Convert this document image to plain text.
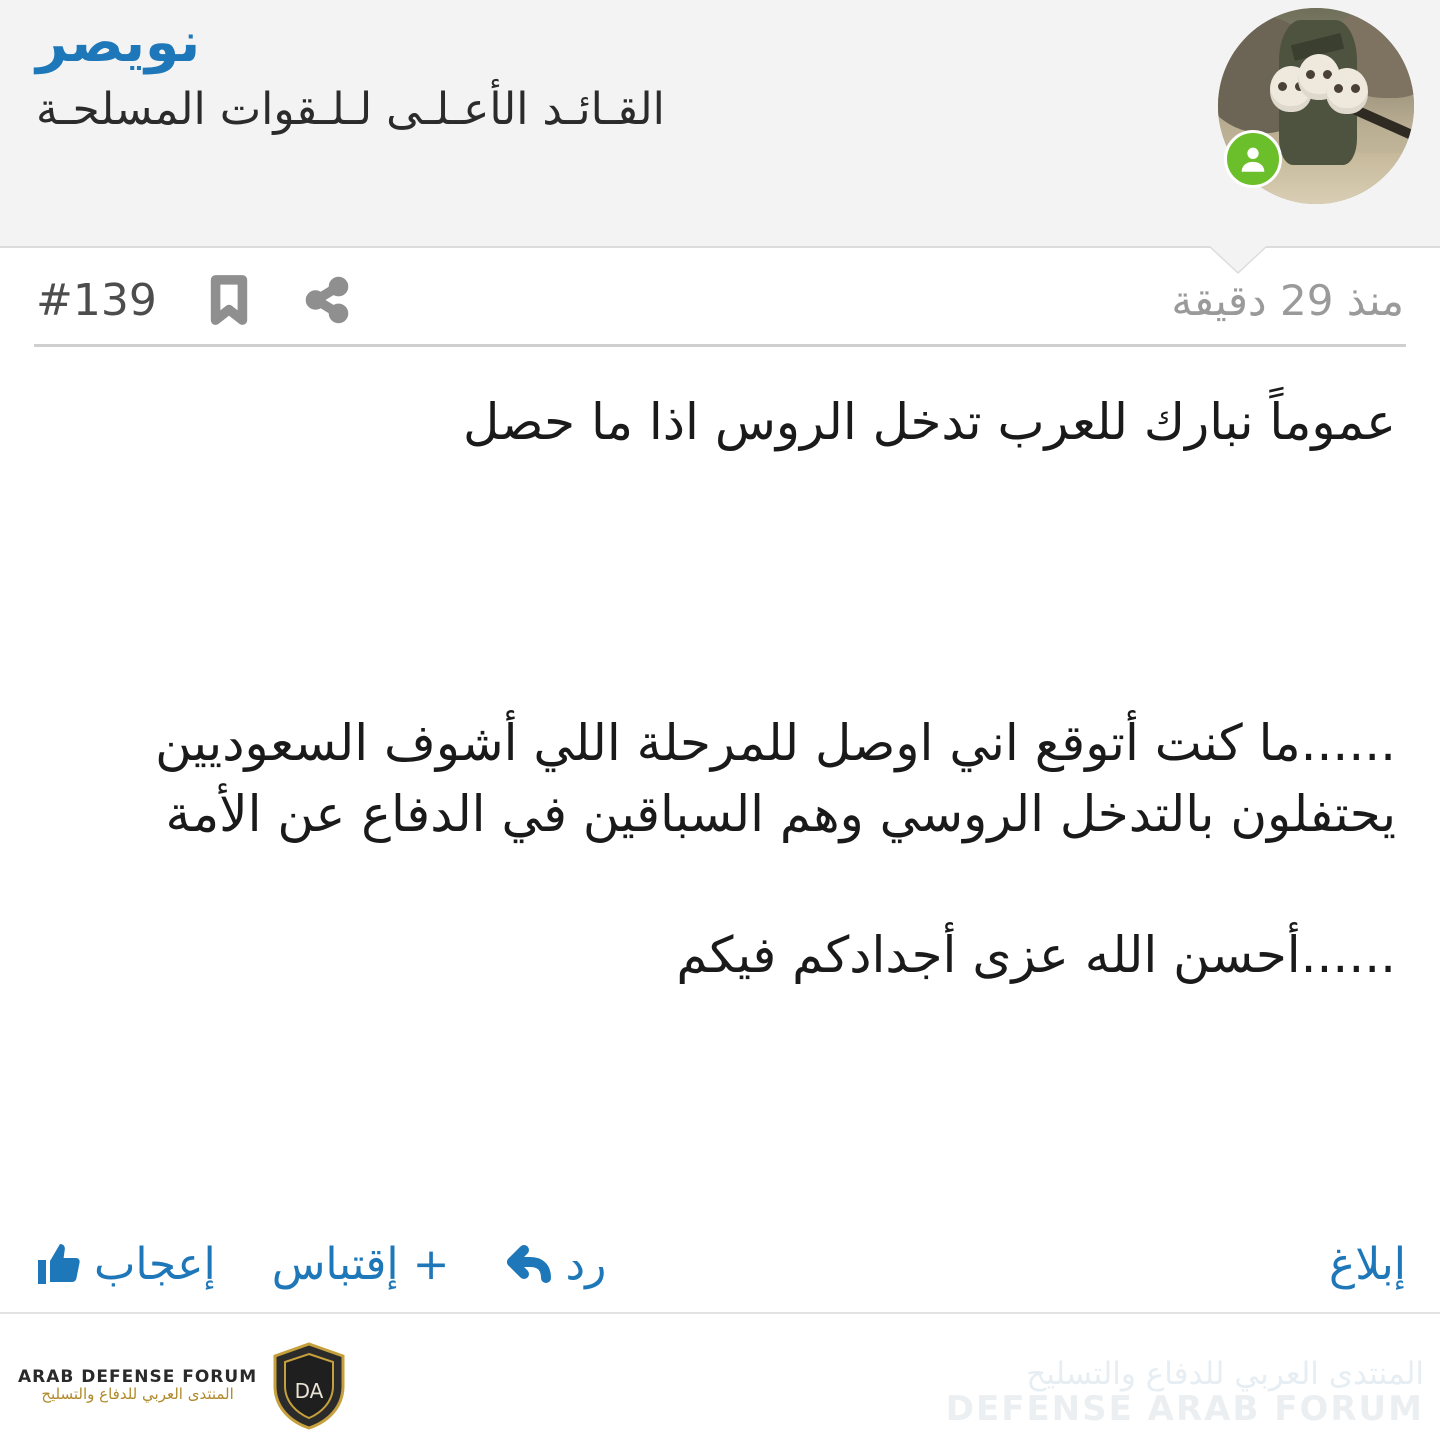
نويصر
القـائـد الأعـلـى لـلـقوات المسلحـة
منذ 29 دقيقة
#139

عموماً نبارك للعرب تدخل الروس اذا ما حصل

......ما كنت أتوقع اني اوصل للمرحلة اللي أشوف السعوديين يحتفلون بالتدخل الروسي وهم السباقين في الدفاع عن الأمة

......أحسن الله عزى أجدادكم فيكم

إبلاغ
رد
+ إقتباس
إعجاب
DA
ARAB DEFENSE FORUM
المنتدى العربي للدفاع والتسليح
المنتدى العربي للدفاع والتسليح
DEFENSE ARAB FORUM
